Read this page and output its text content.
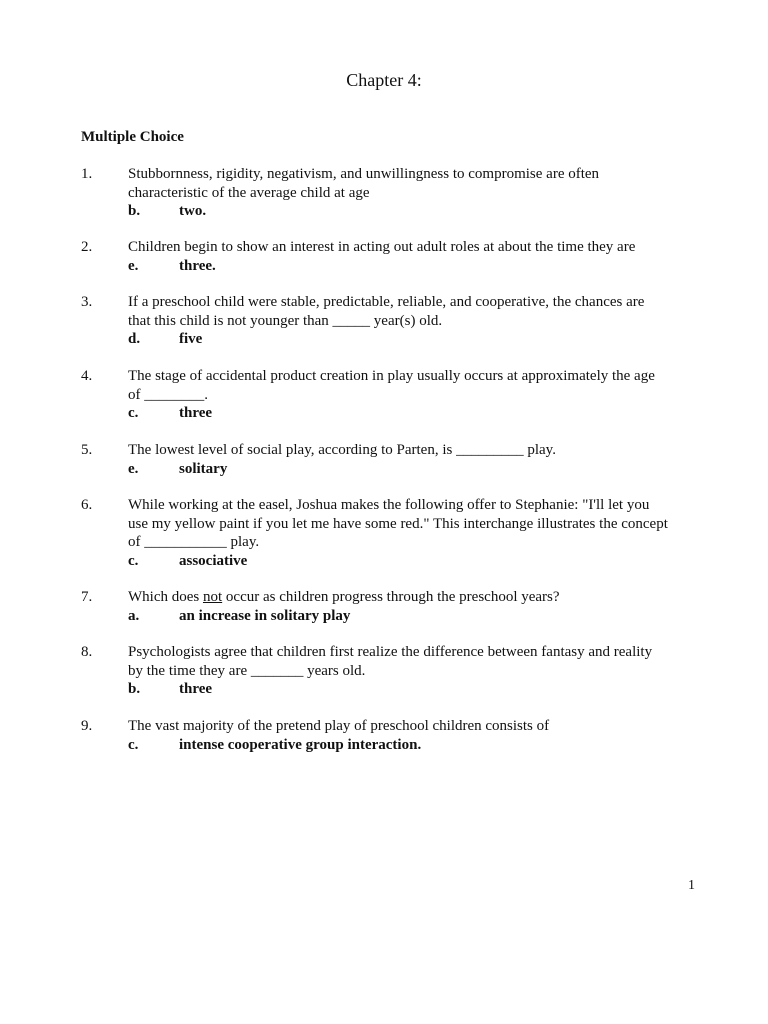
Chapter 4:
Multiple Choice
1.	Stubbornness, rigidity, negativism, and unwillingness to compromise are often characteristic of the average child at age
b.	two.
2.	Children begin to show an interest in acting out adult roles at about the time they are
e.	three.
3.	If a preschool child were stable, predictable, reliable, and cooperative, the chances are that this child is not younger than _____ year(s) old.
d.	five
4.	The stage of accidental product creation in play usually occurs at approximately the age of ________.
c.	three
5.	The lowest level of social play, according to Parten, is _________ play.
e.	solitary
6.	While working at the easel, Joshua makes the following offer to Stephanie: "I'll let you use my yellow paint if you let me have some red." This interchange illustrates the concept of ___________ play.
c.	associative
7.	Which does not occur as children progress through the preschool years?
a.	an increase in solitary play
8.	Psychologists agree that children first realize the difference between fantasy and reality by the time they are _______ years old.
b.	three
9.	The vast majority of the pretend play of preschool children consists of
c.	intense cooperative group interaction.
1
